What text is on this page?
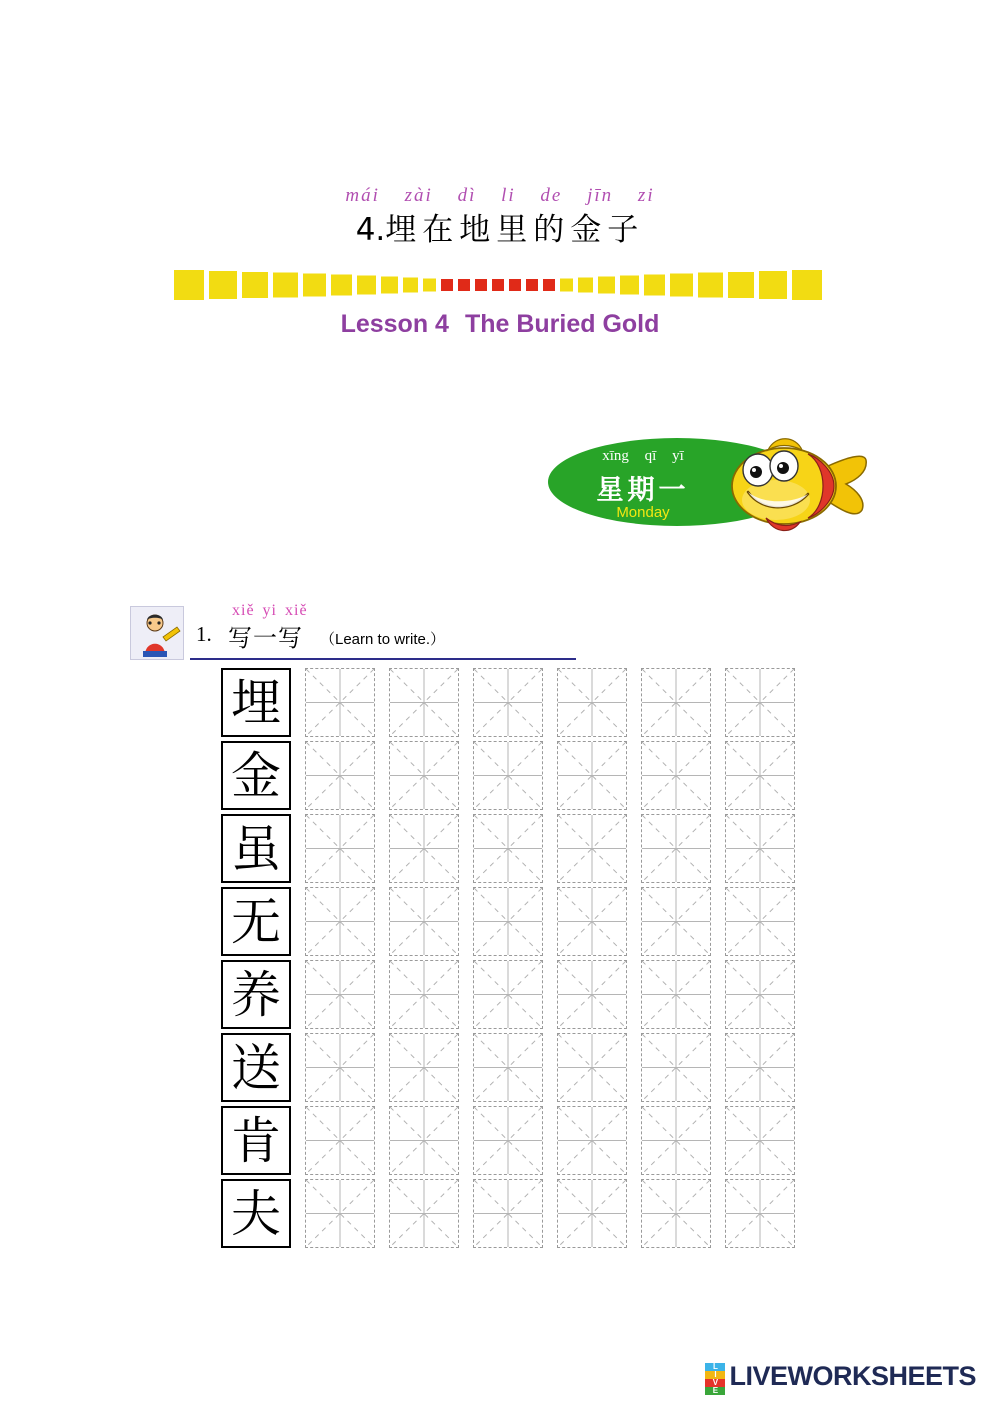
mái zài dì li de jīn zi
4.埋在地里的金子
Lesson 4 The Buried Gold
xīng qī yī
星期一
Monday
xiě yi xiě
1. 写一写 （Learn to write.）
埋
金
虽
无
养
送
肯
夫
L
I
V
E LIVEWORKSHEETS
